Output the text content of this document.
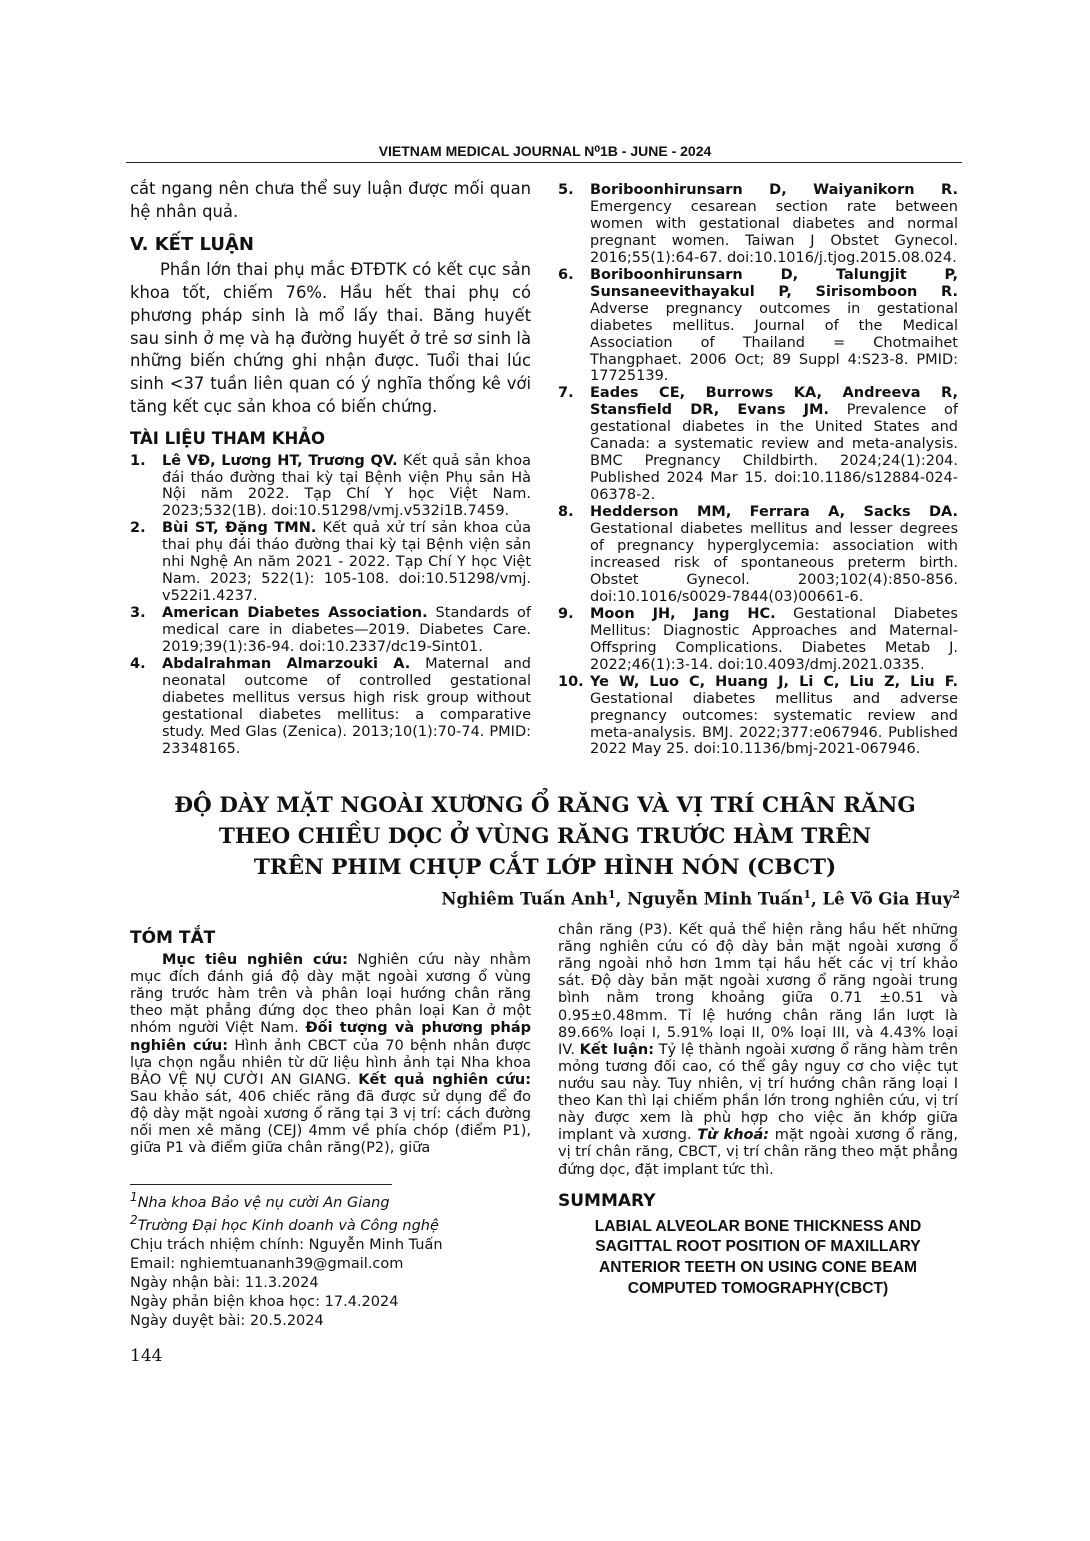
VIETNAM MEDICAL JOURNAL N⁰1B - JUNE - 2024
cắt ngang nên chưa thể suy luận được mối quan hệ nhân quả.
V. KẾT LUẬN
Phần lớn thai phụ mắc ĐTĐTK có kết cục sản khoa tốt, chiếm 76%. Hầu hết thai phụ có phương pháp sinh là mổ lấy thai. Băng huyết sau sinh ở mẹ và hạ đường huyết ở trẻ sơ sinh là những biến chứng ghi nhận được. Tuổi thai lúc sinh <37 tuần liên quan có ý nghĩa thống kê với tăng kết cục sản khoa có biến chứng.
TÀI LIỆU THAM KHẢO
1.	Lê VĐ, Lương HT, Trương QV. Kết quả sản khoa đái tháo đường thai kỳ tại Bệnh viện Phụ sản Hà Nội năm 2022. Tạp Chí Y học Việt Nam. 2023;532(1B). doi:10.51298/vmj.v532i1B.7459.
2.	Bùi ST, Đặng TMN. Kết quả xử trí sản khoa của thai phụ đái tháo đường thai kỳ tại Bệnh viện sản nhi Nghệ An năm 2021 - 2022. Tạp Chí Y học Việt Nam. 2023; 522(1): 105-108. doi:10.51298/vmj. v522i1.4237.
3.	American Diabetes Association. Standards of medical care in diabetes—2019. Diabetes Care. 2019;39(1):36-94. doi:10.2337/dc19-Sint01.
4.	Abdalrahman Almarzouki A. Maternal and neonatal outcome of controlled gestational diabetes mellitus versus high risk group without gestational diabetes mellitus: a comparative study. Med Glas (Zenica). 2013;10(1):70-74. PMID: 23348165.
5.	Boriboonhirunsarn D, Waiyanikorn R. Emergency cesarean section rate between women with gestational diabetes and normal pregnant women. Taiwan J Obstet Gynecol. 2016;55(1):64-67. doi:10.1016/j.tjog.2015.08.024.
6.	Boriboonhirunsarn D, Talungjit P, Sunsaneevithayakul P, Sirisomboon R. Adverse pregnancy outcomes in gestational diabetes mellitus. Journal of the Medical Association of Thailand = Chotmaihet Thangphaet. 2006 Oct; 89 Suppl 4:S23-8. PMID: 17725139.
7.	Eades CE, Burrows KA, Andreeva R, Stansfield DR, Evans JM. Prevalence of gestational diabetes in the United States and Canada: a systematic review and meta-analysis. BMC Pregnancy Childbirth. 2024;24(1):204. Published 2024 Mar 15. doi:10.1186/s12884-024-06378-2.
8.	Hedderson MM, Ferrara A, Sacks DA. Gestational diabetes mellitus and lesser degrees of pregnancy hyperglycemia: association with increased risk of spontaneous preterm birth. Obstet Gynecol. 2003;102(4):850-856. doi:10.1016/s0029-7844(03)00661-6.
9.	Moon JH, Jang HC. Gestational Diabetes Mellitus: Diagnostic Approaches and Maternal-Offspring Complications. Diabetes Metab J. 2022;46(1):3-14. doi:10.4093/dmj.2021.0335.
10. Ye W, Luo C, Huang J, Li C, Liu Z, Liu F. Gestational diabetes mellitus and adverse pregnancy outcomes: systematic review and meta-analysis. BMJ. 2022;377:e067946. Published 2022 May 25. doi:10.1136/bmj-2021-067946.
ĐỘ DÀY MẶT NGOÀI XƯƠNG Ổ RĂNG VÀ VỊ TRÍ CHÂN RĂNG
THEO CHIỀU DỌC Ở VÙNG RĂNG TRƯỚC HÀM TRÊN
TRÊN PHIM CHỤP CẮT LỚP HÌNH NÓN (CBCT)
Nghiêm Tuấn Anh$^1$, Nguyễn Minh Tuấn$^1$, Lê Võ Gia Huy$^2$
TÓM TẮT
Mục tiêu nghiên cứu: Nghiên cứu này nhằm mục đích đánh giá độ dày mặt ngoài xương ổ vùng răng trước hàm trên và phân loại hướng chân răng theo mặt phẳng đứng dọc theo phân loại Kan ở một nhóm người Việt Nam. Đối tượng và phương pháp nghiên cứu: Hình ảnh CBCT của 70 bệnh nhân được lựa chọn ngẫu nhiên từ dữ liệu hình ảnh tại Nha khoa BẢO VỆ NỤ CƯỜI AN GIANG. Kết quả nghiên cứu: Sau khảo sát, 406 chiếc răng đã được sử dụng để đo độ dày mặt ngoài xương ổ răng tại 3 vị trí: cách đường nối men xê măng (CEJ) 4mm về phía chóp (điểm P1), giữa P1 và điểm giữa chân răng(P2), giữa
$^1$Nha khoa Bảo vệ nụ cười An Giang
$^2$Trường Đại học Kinh doanh và Công nghệ
Chịu trách nhiệm chính: Nguyễn Minh Tuấn
Email: nghiemtuananh39@gmail.com
Ngày nhận bài: 11.3.2024
Ngày phản biện khoa học: 17.4.2024
Ngày duyệt bài: 20.5.2024
chân răng (P3). Kết quả thể hiện rằng hầu hết những răng nghiên cứu có độ dày bản mặt ngoài xương ổ răng ngoài nhỏ hơn 1mm tại hầu hết các vị trí khảo sát. Độ dày bản mặt ngoài xương ổ răng ngoài trung bình nằm trong khoảng giữa 0.71 ±0.51 và 0.95±0.48mm. Tỉ lệ hướng chân răng lần lượt là 89.66% loại I, 5.91% loại II, 0% loại III, và 4.43% loại IV. Kết luận: Tỷ lệ thành ngoài xương ổ răng hàm trên mỏng tương đối cao, có thể gây nguy cơ cho việc tụt nướu sau này. Tuy nhiên, vị trí hướng chân răng loại I theo Kan thì lại chiếm phần lớn trong nghiên cứu, vị trí này được xem là phù hợp cho việc ăn khớp giữa implant và xương. Từ khoá: mặt ngoài xương ổ răng, vị trí chân răng, CBCT, vị trí chân răng theo mặt phẳng đứng dọc, đặt implant tức thì.
SUMMARY
LABIAL ALVEOLAR BONE THICKNESS AND SAGITTAL ROOT POSITION OF MAXILLARY ANTERIOR TEETH ON USING CONE BEAM COMPUTED TOMOGRAPHY(CBCT)
144
